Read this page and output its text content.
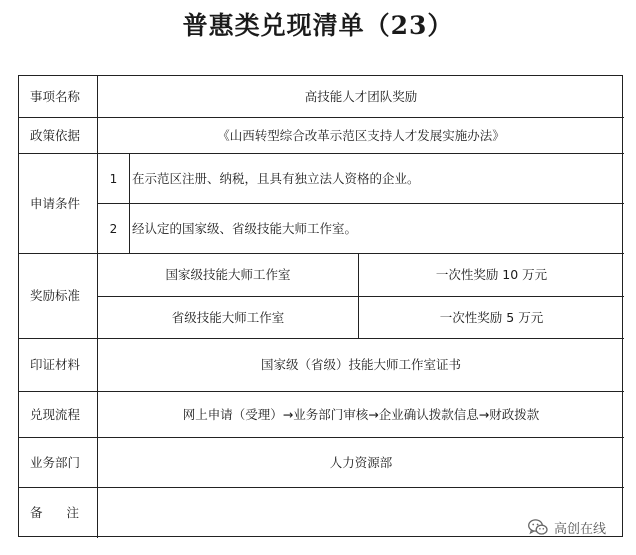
普惠类兑现清单（23）
事项名称	高技能人才团队奖励
政策依据	《山西转型综合改革示范区支持人才发展实施办法》
申请条件
1	在示范区注册、纳税，且具有独立法人资格的企业。
2	经认定的国家级、省级技能大师工作室。
奖励标准
国家级技能大师工作室	一次性奖励 10 万元
省级技能大师工作室	一次性奖励 5 万元
印证材料	国家级（省级）技能大师工作室证书
兑现流程	网上申请（受理）→业务部门审核→企业确认拨款信息→财政拨款
业务部门	人力资源部
备 注
高创在线
